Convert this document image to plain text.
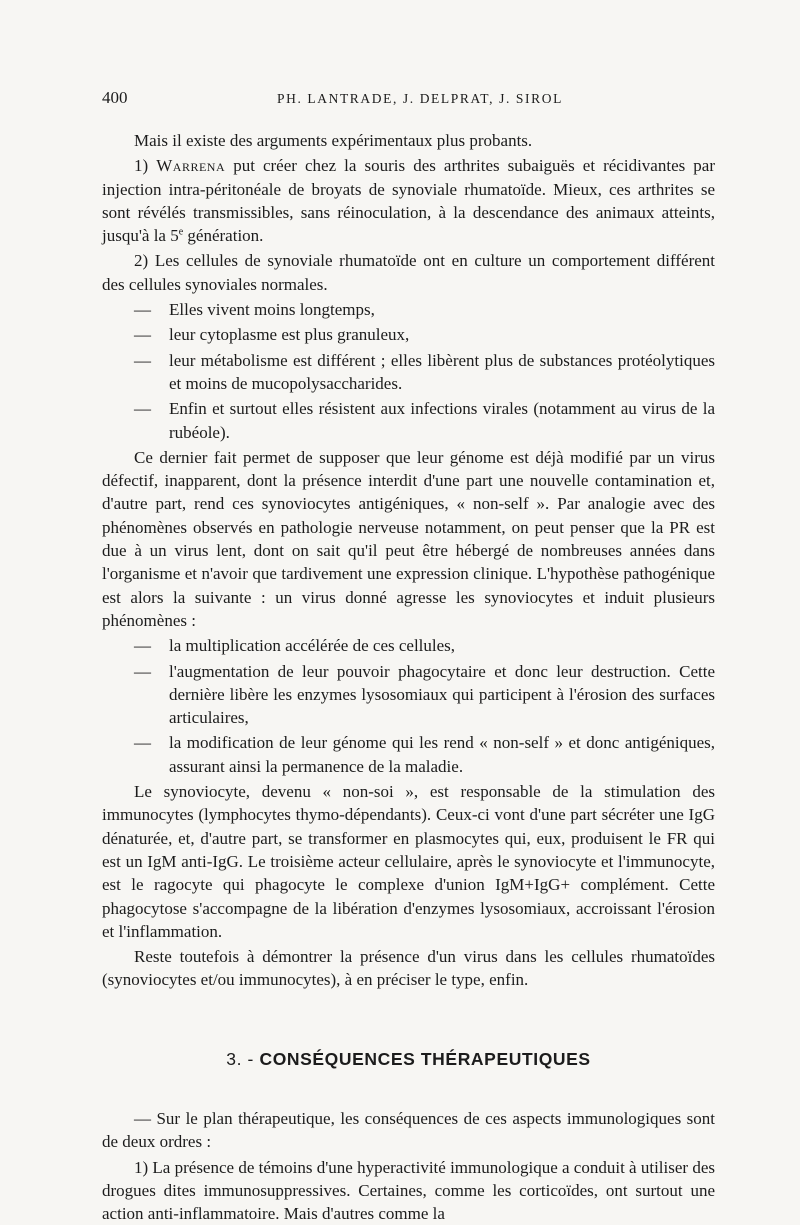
400	PH. LANTRADE, J. DELPRAT, J. SIROL

Mais il existe des arguments expérimentaux plus probants.

1) Warrena put créer chez la souris des arthrites subaiguës et récidivantes par injection intra-péritonéale de broyats de synoviale rhumatoïde. Mieux, ces arthrites se sont révélés transmissibles, sans réinoculation, à la descendance des animaux atteints, jusqu'à la 5e génération.

2) Les cellules de synoviale rhumatoïde ont en culture un comportement différent des cellules synoviales normales.

— Elles vivent moins longtemps,

— leur cytoplasme est plus granuleux,

— leur métabolisme est différent ; elles libèrent plus de substances protéolytiques et moins de mucopolysaccharides.

— Enfin et surtout elles résistent aux infections virales (notamment au virus de la rubéole).

Ce dernier fait permet de supposer que leur génome est déjà modifié par un virus défectif, inapparent, dont la présence interdit d'une part une nouvelle contamination et, d'autre part, rend ces synoviocytes antigéniques, « non-self ». Par analogie avec des phénomènes observés en pathologie nerveuse notamment, on peut penser que la PR est due à un virus lent, dont on sait qu'il peut être hébergé de nombreuses années dans l'organisme et n'avoir que tardivement une expression clinique. L'hypothèse pathogénique est alors la suivante : un virus donné agresse les synoviocytes et induit plusieurs phénomènes :

— la multiplication accélérée de ces cellules,

— l'augmentation de leur pouvoir phagocytaire et donc leur destruction. Cette dernière libère les enzymes lysosomiaux qui participent à l'érosion des surfaces articulaires,

— la modification de leur génome qui les rend « non-self » et donc antigéniques, assurant ainsi la permanence de la maladie.

Le synoviocyte, devenu « non-soi », est responsable de la stimulation des immunocytes (lymphocytes thymo-dépendants). Ceux-ci vont d'une part sécréter une IgG dénaturée, et, d'autre part, se transformer en plasmocytes qui, eux, produisent le FR qui est un IgM anti-IgG. Le troisième acteur cellulaire, après le synoviocyte et l'immunocyte, est le ragocyte qui phagocyte le complexe d'union IgM+IgG+ complément. Cette phagocytose s'accompagne de la libération d'enzymes lysosomiaux, accroissant l'érosion et l'inflammation.

Reste toutefois à démontrer la présence d'un virus dans les cellules rhumatoïdes (synoviocytes et/ou immunocytes), à en préciser le type, enfin.

3. - CONSÉQUENCES THÉRAPEUTIQUES

— Sur le plan thérapeutique, les conséquences de ces aspects immunologiques sont de deux ordres :

1) La présence de témoins d'une hyperactivité immunologique a conduit à utiliser des drogues dites immunosuppressives. Certaines, comme les corticoïdes, ont surtout une action anti-inflammatoire. Mais d'autres comme la
